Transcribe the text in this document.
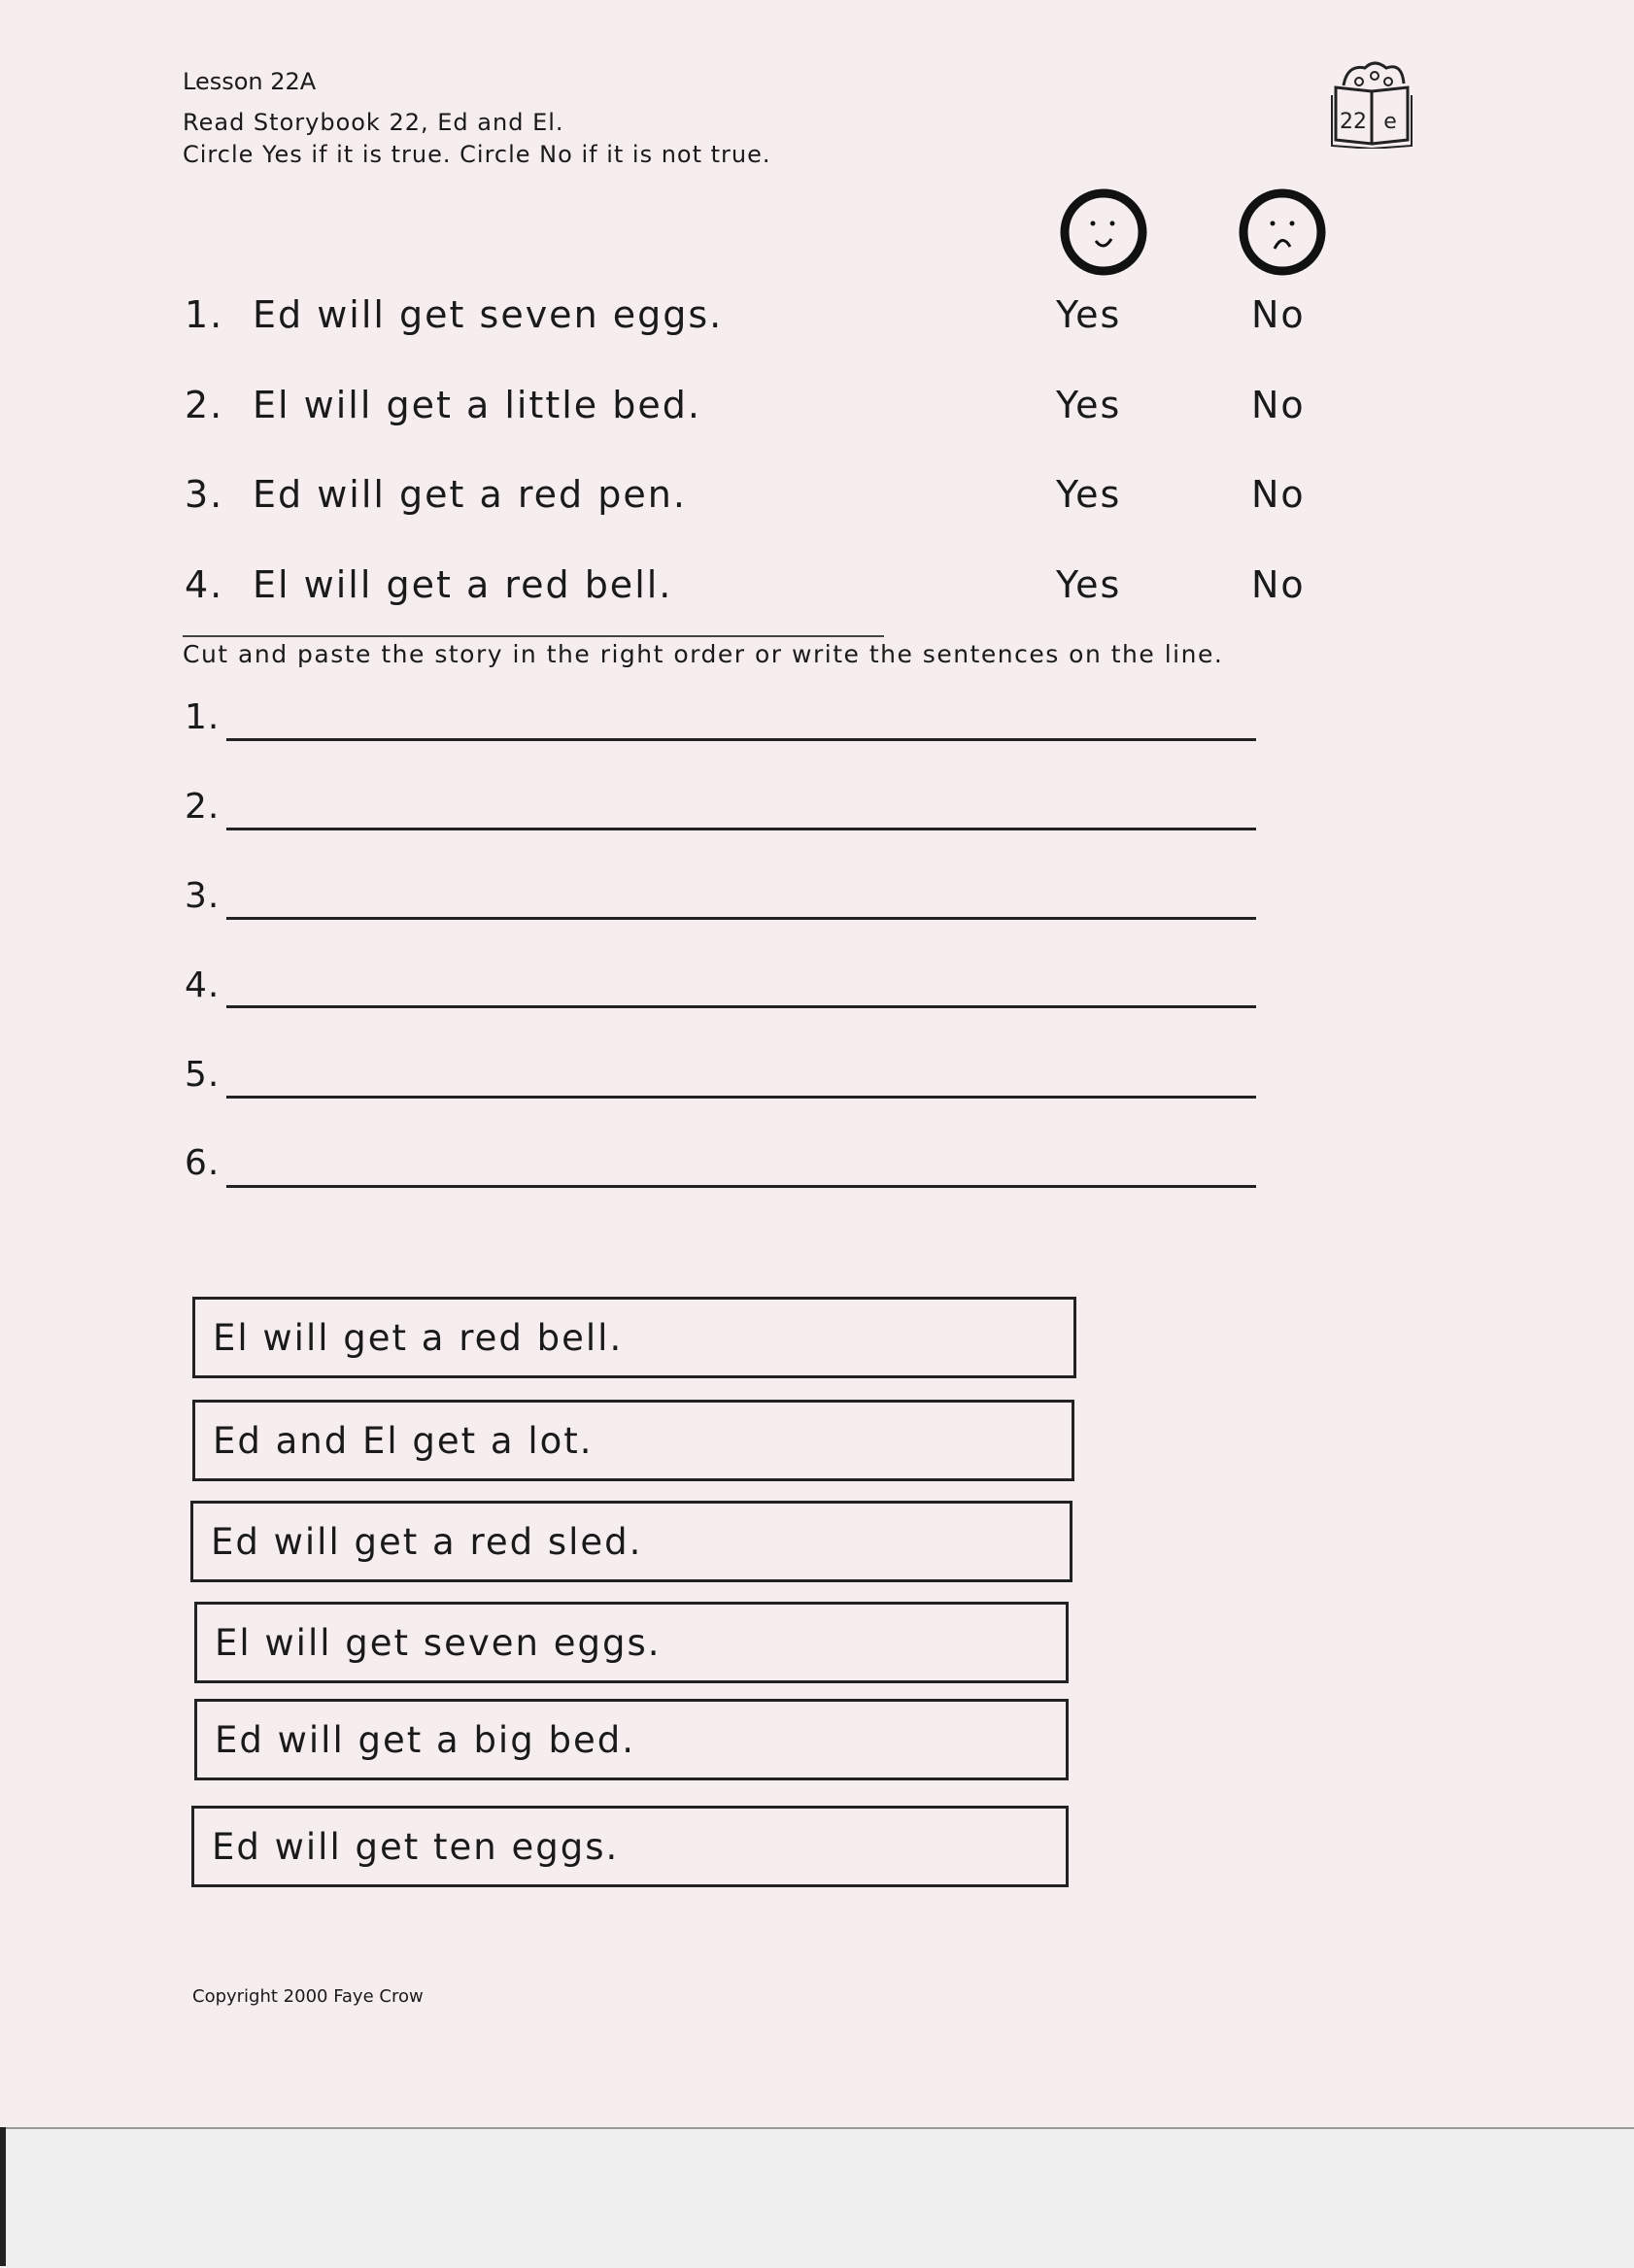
Lesson 22A
Read Storybook 22, Ed and El.
Circle Yes if it is true. Circle No if it is not true.
22 e
1. Ed will get seven eggs.	Yes	No
2. El will get a little bed.	Yes	No
3. Ed will get a red pen.	Yes	No
4. El will get a red bell.	Yes	No
Cut and paste the story in the right order or write the sentences on the line.
1.
2.
3.
4.
5.
6.
El will get a red bell.
Ed and El get a lot.
Ed will get a red sled.
El will get seven eggs.
Ed will get a big bed.
Ed will get ten eggs.
Copyright 2000 Faye Crow
